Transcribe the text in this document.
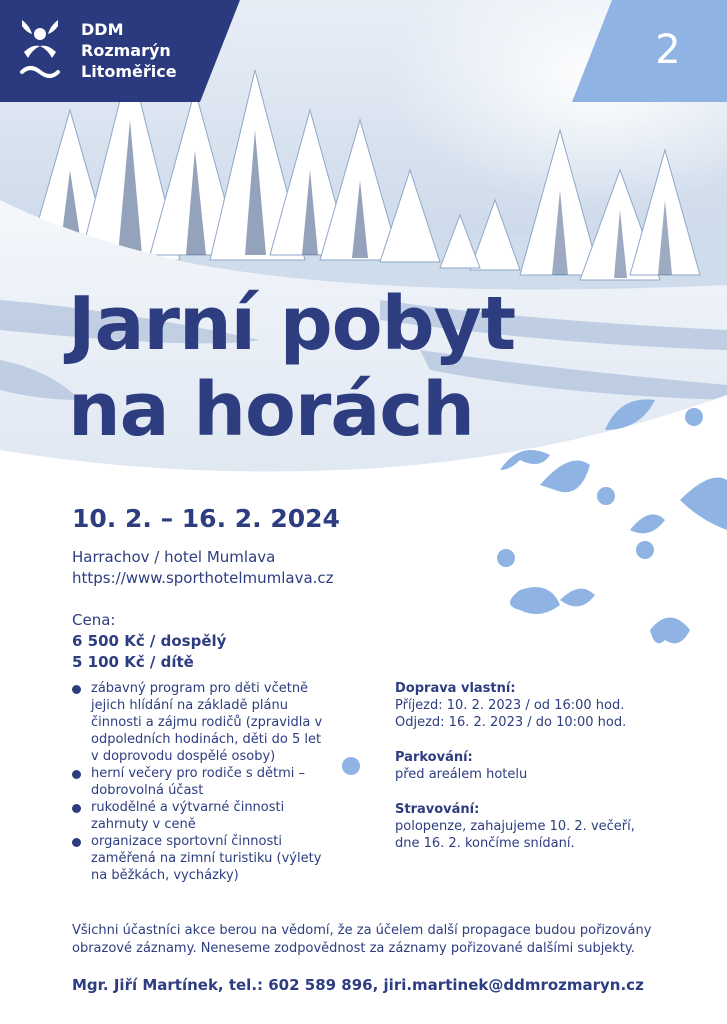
DDM
Rozmarýn
Litoměřice	2
Jarní pobyt
na horách
10. 2. – 16. 2. 2024
Harrachov / hotel Mumlava
https://www.sporthotelmumlava.cz
Cena:
6 500 Kč / dospělý
5 100 Kč / dítě
zábavný program pro děti včetně jejich hlídání na základě plánu činnosti a zájmu rodičů (zpravidla v odpoledních hodinách, děti do 5 let v doprovodu dospělé osoby)
herní večery pro rodiče s dětmi – dobrovolná účast
rukodělné a výtvarné činnosti zahrnuty v ceně
organizace sportovní činnosti zaměřená na zimní turistiku (výlety na běžkách, vycházky)
Doprava vlastní:
Příjezd: 10. 2. 2023 / od 16:00 hod.
Odjezd: 16. 2. 2023 / do 10:00 hod.
Parkování:
před areálem hotelu
Stravování:
polopenze, zahajujeme 10. 2. večeří,
dne 16. 2. končíme snídaní.
Všichni účastníci akce berou na vědomí, že za účelem další propagace budou pořizovány
obrazové záznamy. Neneseme zodpovědnost za záznamy pořizované dalšími subjekty.
Mgr. Jiří Martínek, tel.: 602 589 896, jiri.martinek@ddmrozmaryn.cz
